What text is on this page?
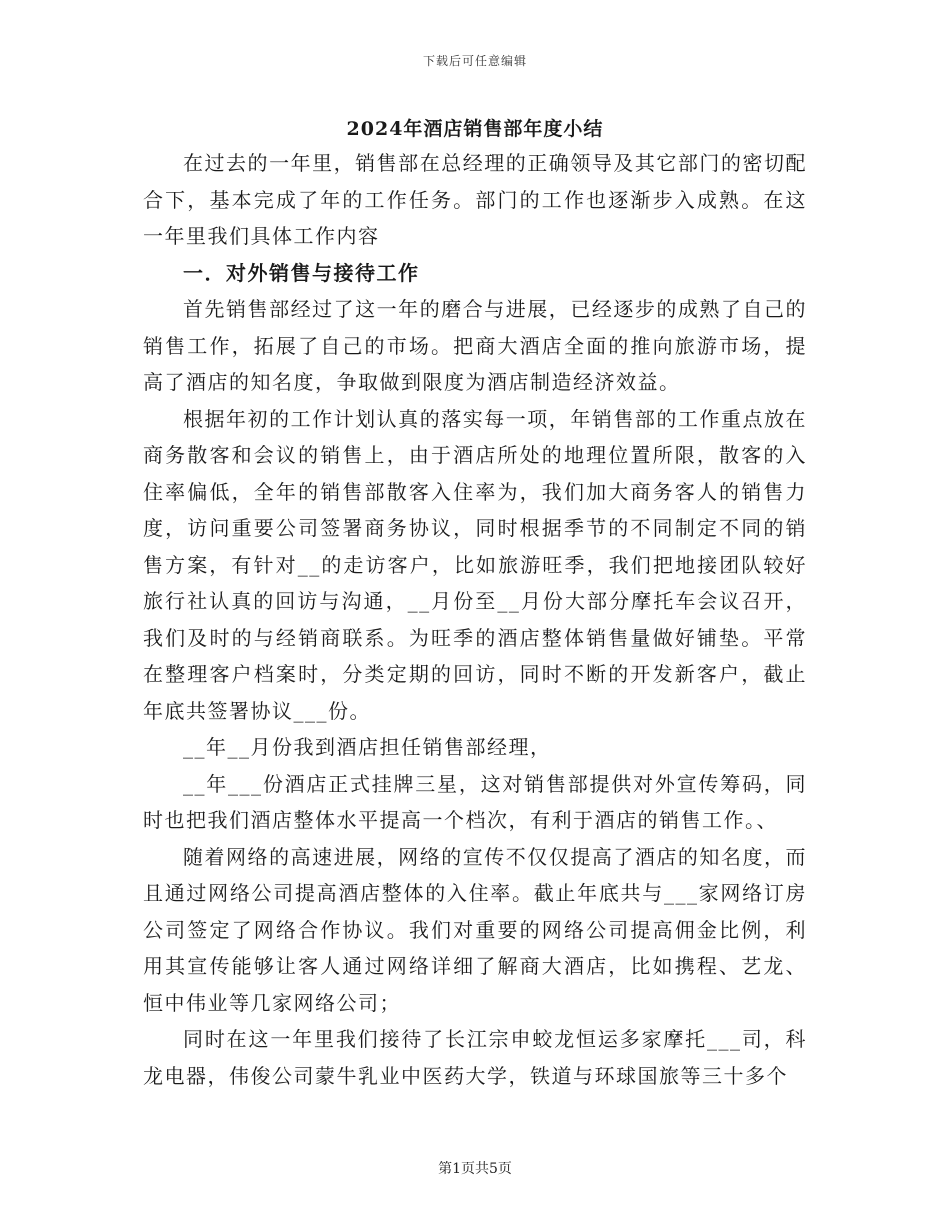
下载后可任意编辑
2024年酒店销售部年度小结

在过去的一年里，销售部在总经理的正确领导及其它部门的密切配合下，基本完成了年的工作任务。部门的工作也逐渐步入成熟。在这一年里我们具体工作内容

一．对外销售与接待工作

首先销售部经过了这一年的磨合与进展，已经逐步的成熟了自己的销售工作，拓展了自己的市场。把商大酒店全面的推向旅游市场，提高了酒店的知名度，争取做到限度为酒店制造经济效益。

根据年初的工作计划认真的落实每一项，年销售部的工作重点放在商务散客和会议的销售上，由于酒店所处的地理位置所限，散客的入住率偏低，全年的销售部散客入住率为，我们加大商务客人的销售力度，访问重要公司签署商务协议，同时根据季节的不同制定不同的销售方案，有针对__的走访客户，比如旅游旺季，我们把地接团队较好旅行社认真的回访与沟通，__月份至__月份大部分摩托车会议召开，我们及时的与经销商联系。为旺季的酒店整体销售量做好铺垫。平常在整理客户档案时，分类定期的回访，同时不断的开发新客户，截止年底共签署协议___份。

__年__月份我到酒店担任销售部经理，

__年___份酒店正式挂牌三星，这对销售部提供对外宣传筹码，同时也把我们酒店整体水平提高一个档次，有利于酒店的销售工作。、

随着网络的高速进展，网络的宣传不仅仅提高了酒店的知名度，而且通过网络公司提高酒店整体的入住率。截止年底共与___家网络订房公司签定了网络合作协议。我们对重要的网络公司提高佣金比例，利用其宣传能够让客人通过网络详细了解商大酒店，比如携程、艺龙、恒中伟业等几家网络公司；

同时在这一年里我们接待了长江宗申蛟龙恒运多家摩托___司，科龙电器，伟俊公司蒙牛乳业中医药大学，铁道与环球国旅等三十多个

第1页共5页
